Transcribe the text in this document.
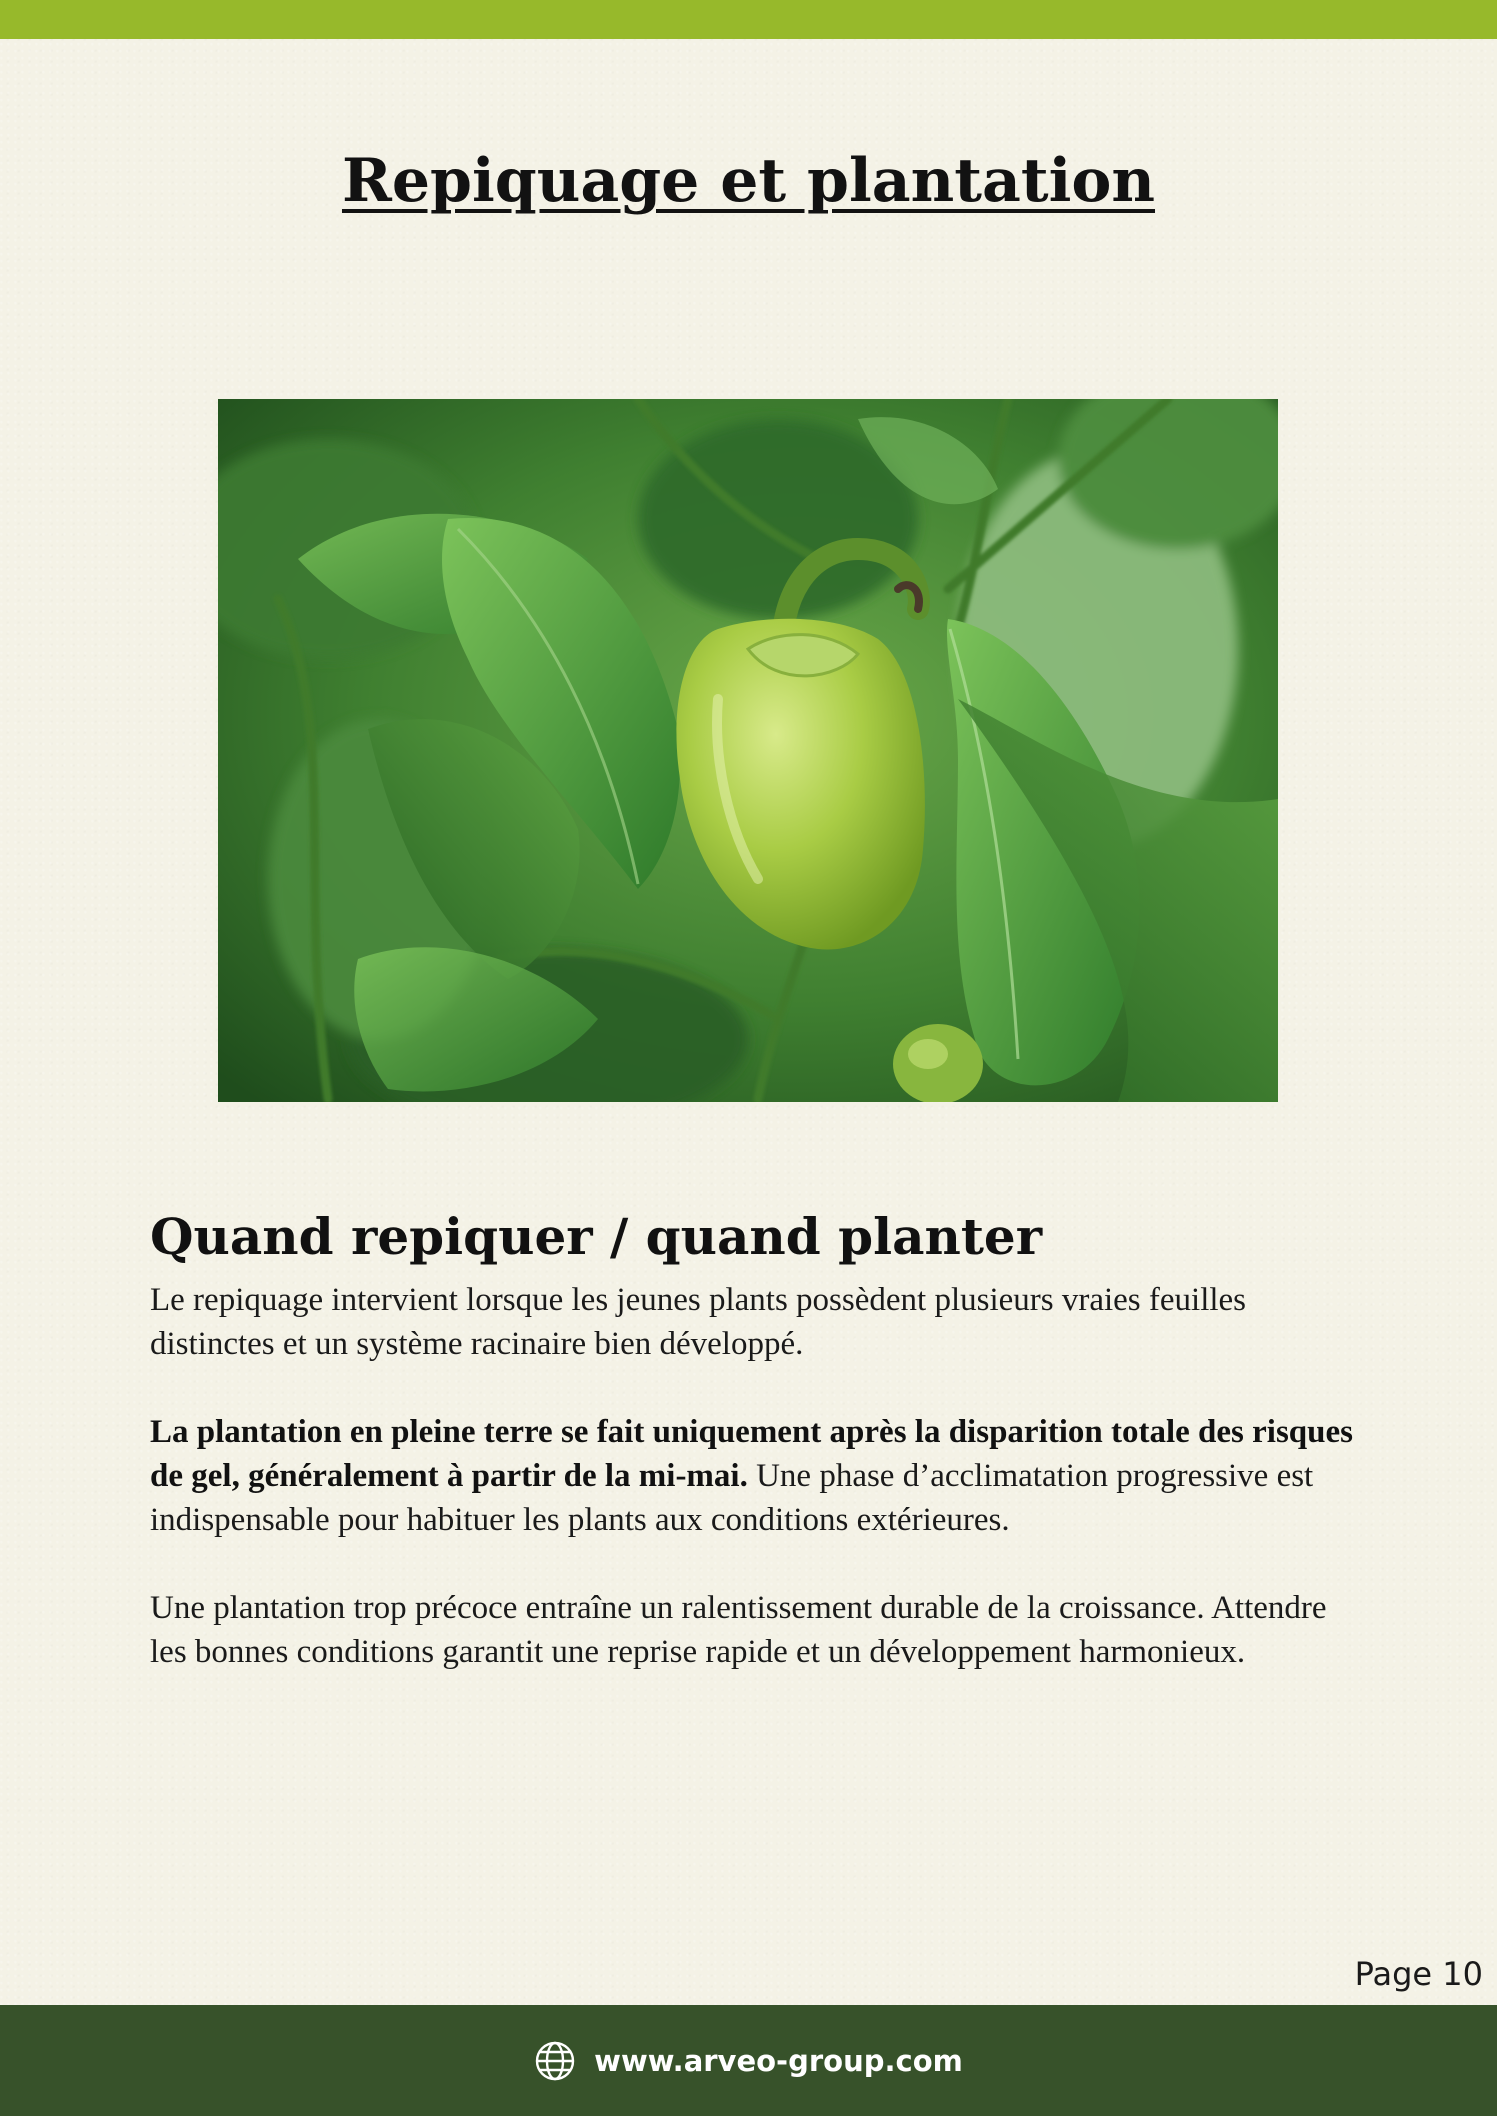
Repiquage et plantation
Quand repiquer / quand planter

Le repiquage intervient lorsque les jeunes plants possèdent plusieurs vraies feuilles distinctes et un système racinaire bien développé.

La plantation en pleine terre se fait uniquement après la disparition totale des risques de gel, généralement à partir de la mi-mai. Une phase d’acclimatation progressive est indispensable pour habituer les plants aux conditions extérieures.

Une plantation trop précoce entraîne un ralentissement durable de la croissance. Attendre les bonnes conditions garantit une reprise rapide et un développement harmonieux.

Page 10
www.arveo-group.com
